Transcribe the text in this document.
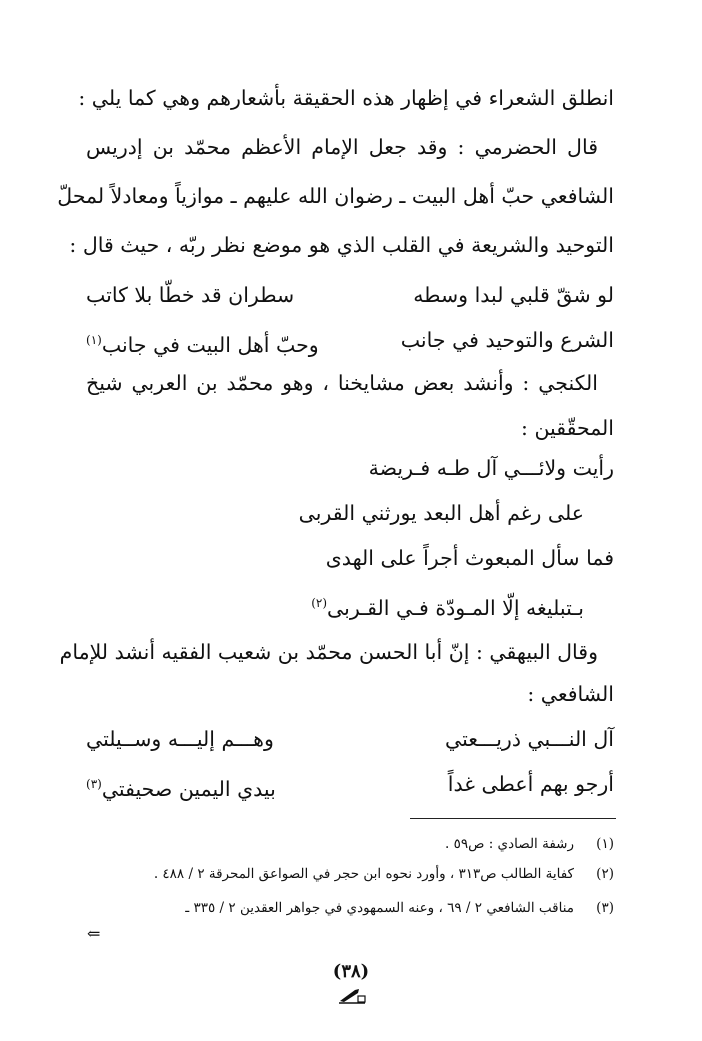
انطلق الشعراء في إظهار هذه الحقيقة بأشعارهم وهي كما يلي :
قال الحضرمي : وقد جعل الإمام الأعظم محمّد بن إدريس
الشافعي حبّ أهل البيت ـ رضوان الله عليهم ـ موازياً ومعادلاً لمحلّ
التوحيد والشريعة في القلب الذي هو موضع نظر ربّه ، حيث قال :
لو شقّ قلبي لبدا وسطه
سطران قد خطّا بلا كاتب
الشرع والتوحيد في جانب
وحبّ أهل البيت في جانب$^{(١)}$
الكنجي : وأنشد بعض مشايخنا ، وهو محمّد بن العربي شيخ
المحقّقين :
رأيت ولائـــي آل طـه فـريضة
على رغم أهل البعد يورثني القربى
فما سأل المبعوث أجراً على الهدى
بـتبليغه إلّا المـودّة فـي القـربى$^{(٢)}$
وقال البيهقي : إنّ أبا الحسن محمّد بن شعيب الفقيه أنشد للإمام
الشافعي :
آل النـــبي ذريـــعتي
وهـــم إليـــه وســيلتي
أرجو بهم أعطى غداً
بيدي اليمين صحيفتي$^{(٣)}$
(١)رشفة الصادي : ص٥٩ .
(٢)كفاية الطالب ص٣١٣ ، وأورد نحوه ابن حجر في الصواعق المحرقة ٢ / ٤٨٨ .
(٣)مناقب الشافعي ٢ / ٦٩ ، وعنه السمهودي في جواهر العقدين ٢ / ٣٣٥ ـ
⇐
(٣٨)
